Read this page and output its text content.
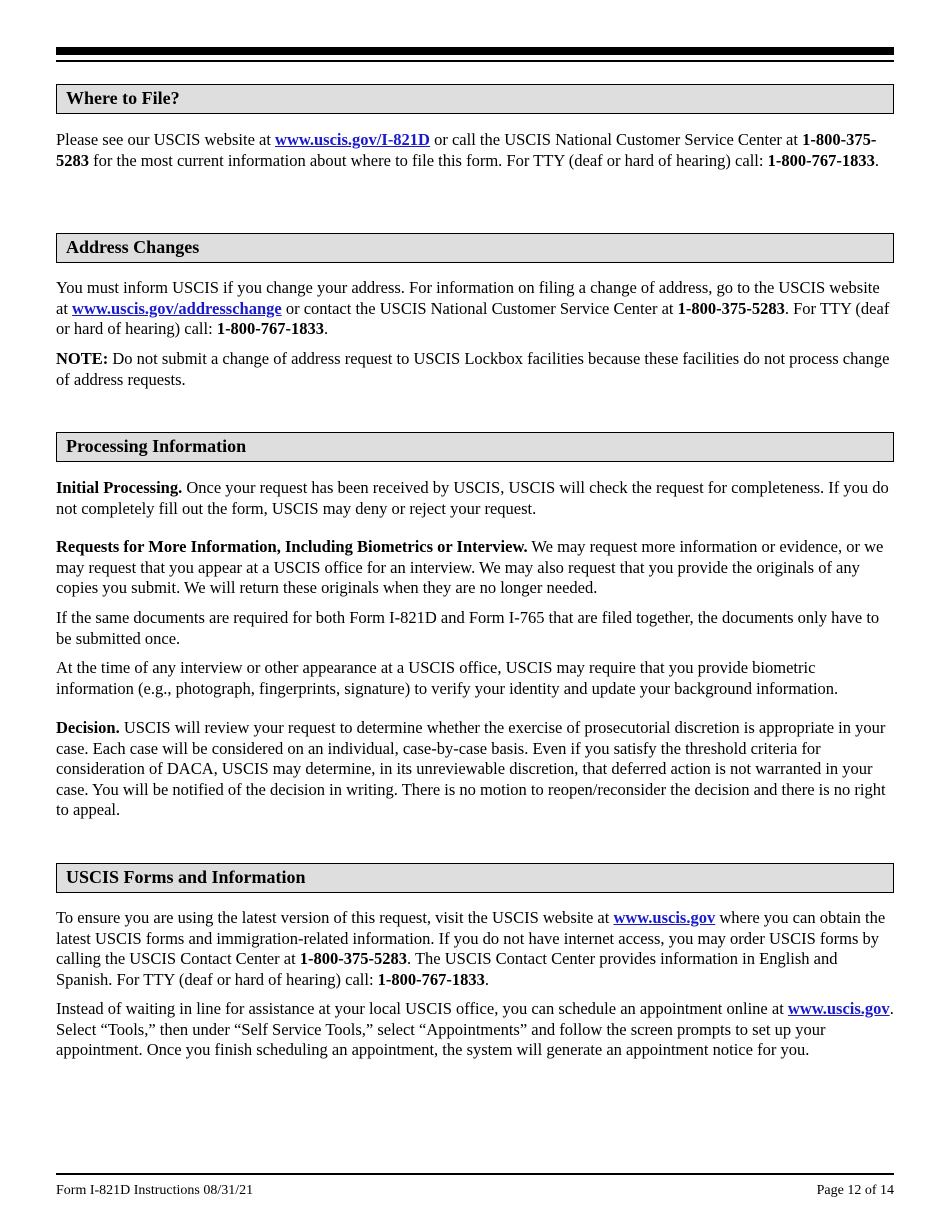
Where to File?

Please see our USCIS website at www.uscis.gov/I-821D or call the USCIS National Customer Service Center at 1-800-375-5283 for the most current information about where to file this form. For TTY (deaf or hard of hearing) call: 1-800-767-1833.

Address Changes

You must inform USCIS if you change your address. For information on filing a change of address, go to the USCIS website at www.uscis.gov/addresschange or contact the USCIS National Customer Service Center at 1-800-375-5283. For TTY (deaf or hard of hearing) call: 1-800-767-1833.

NOTE: Do not submit a change of address request to USCIS Lockbox facilities because these facilities do not process change of address requests.

Processing Information

Initial Processing. Once your request has been received by USCIS, USCIS will check the request for completeness. If you do not completely fill out the form, USCIS may deny or reject your request.

Requests for More Information, Including Biometrics or Interview. We may request more information or evidence, or we may request that you appear at a USCIS office for an interview. We may also request that you provide the originals of any copies you submit. We will return these originals when they are no longer needed.

If the same documents are required for both Form I-821D and Form I-765 that are filed together, the documents only have to be submitted once.

At the time of any interview or other appearance at a USCIS office, USCIS may require that you provide biometric information (e.g., photograph, fingerprints, signature) to verify your identity and update your background information.

Decision. USCIS will review your request to determine whether the exercise of prosecutorial discretion is appropriate in your case. Each case will be considered on an individual, case-by-case basis. Even if you satisfy the threshold criteria for consideration of DACA, USCIS may determine, in its unreviewable discretion, that deferred action is not warranted in your case. You will be notified of the decision in writing. There is no motion to reopen/reconsider the decision and there is no right to appeal.

USCIS Forms and Information

To ensure you are using the latest version of this request, visit the USCIS website at www.uscis.gov where you can obtain the latest USCIS forms and immigration-related information. If you do not have internet access, you may order USCIS forms by calling the USCIS Contact Center at 1-800-375-5283. The USCIS Contact Center provides information in English and Spanish. For TTY (deaf or hard of hearing) call: 1-800-767-1833.

Instead of waiting in line for assistance at your local USCIS office, you can schedule an appointment online at www.uscis.gov. Select “Tools,” then under “Self Service Tools,” select “Appointments” and follow the screen prompts to set up your appointment. Once you finish scheduling an appointment, the system will generate an appointment notice for you.

Form I-821D Instructions 08/31/21	Page 12 of 14
